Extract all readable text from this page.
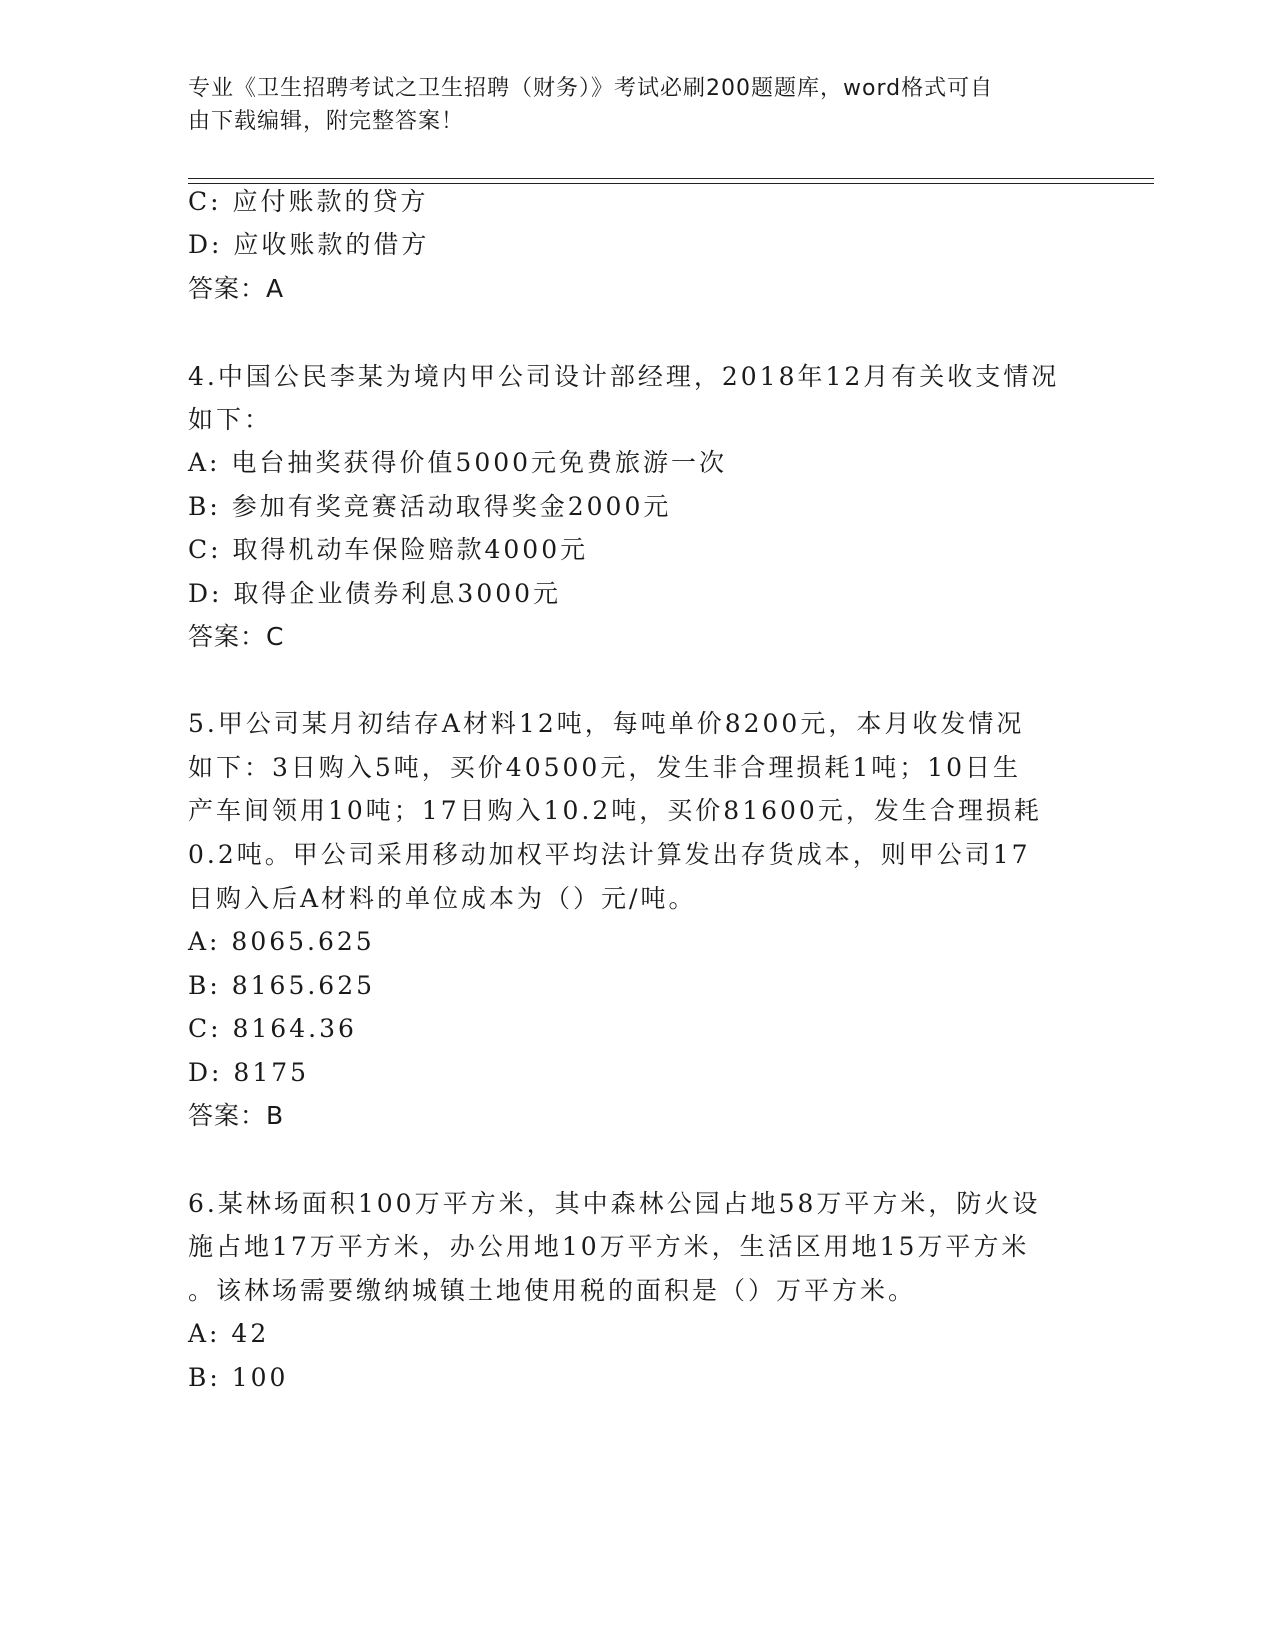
专业《卫生招聘考试之卫生招聘（财务）》考试必刷200题题库，word格式可自
由下载编辑，附完整答案！
C: 应付账款的贷方
D: 应收账款的借方
答案：A
4.中国公民李某为境内甲公司设计部经理，2018年12月有关收支情况
如下：
A: 电台抽奖获得价值5000元免费旅游一次
B: 参加有奖竞赛活动取得奖金2000元
C: 取得机动车保险赔款4000元
D: 取得企业债券利息3000元
答案：C
5.甲公司某月初结存A材料12吨，每吨单价8200元，本月收发情况
如下：3日购入5吨，买价40500元，发生非合理损耗1吨；10日生
产车间领用10吨；17日购入10.2吨，买价81600元，发生合理损耗
0.2吨。甲公司采用移动加权平均法计算发出存货成本，则甲公司17
日购入后A材料的单位成本为（）元/吨。
A: 8065.625
B: 8165.625
C: 8164.36
D: 8175
答案：B
6.某林场面积100万平方米，其中森林公园占地58万平方米，防火设
施占地17万平方米，办公用地10万平方米，生活区用地15万平方米
。该林场需要缴纳城镇土地使用税的面积是（）万平方米。
A: 42
B: 100
